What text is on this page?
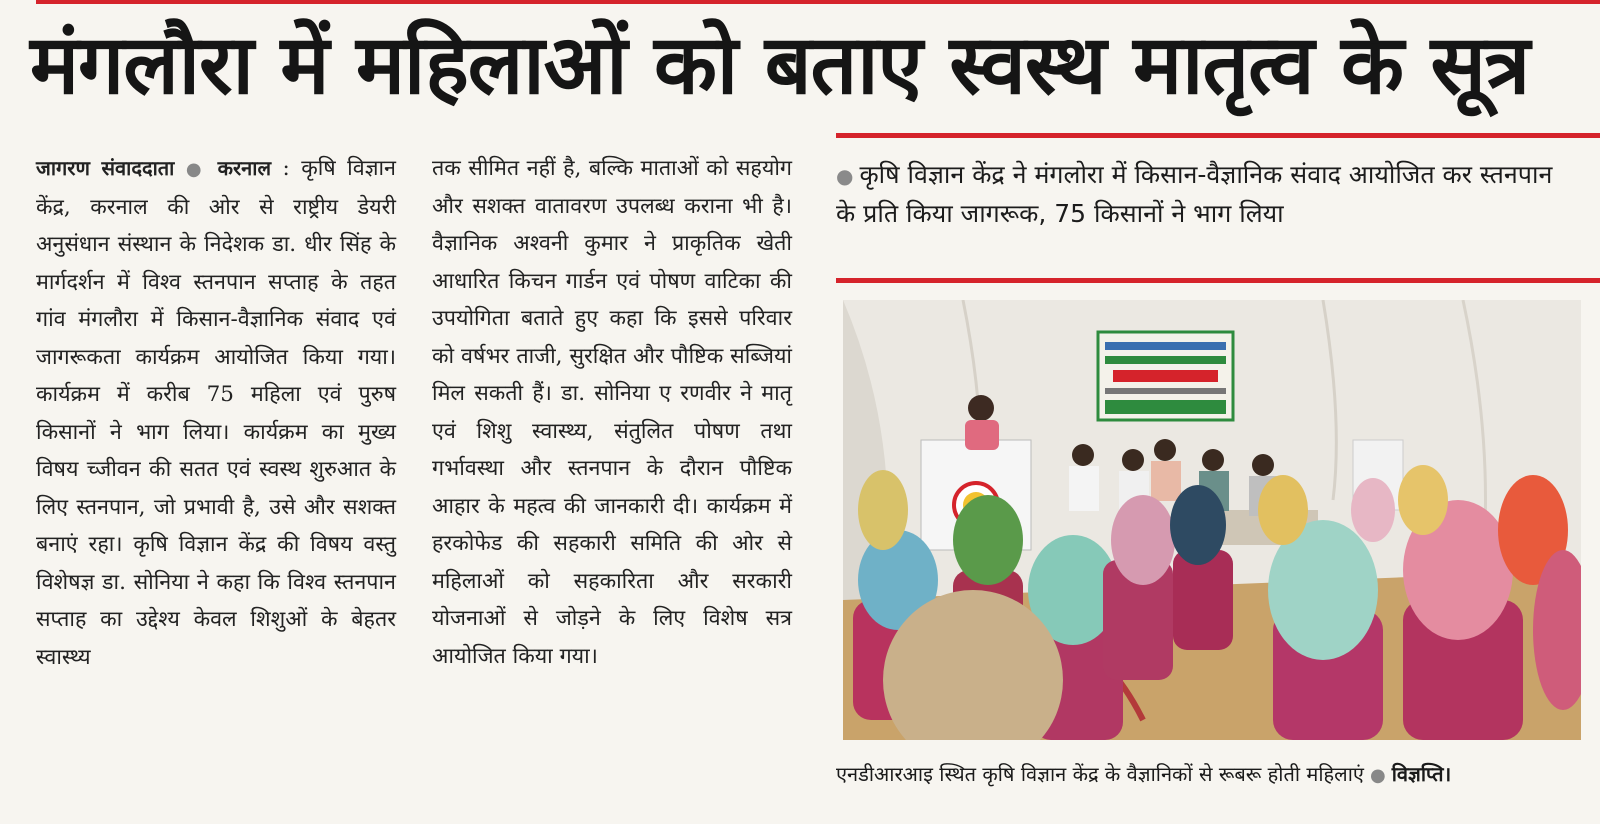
मंगलौरा में महिलाओं को बताए स्वस्थ मातृत्व के सूत्र
जागरण संवाददाता ● करनाल : कृषि विज्ञान केंद्र, करनाल की ओर से राष्ट्रीय डेयरी अनुसंधान संस्थान के निदेशक डा. धीर सिंह के मार्गदर्शन में विश्व स्तनपान सप्ताह के तहत गांव मंगलौरा में किसान-वैज्ञानिक संवाद एवं जागरूकता कार्यक्रम आयोजित किया गया। कार्यक्रम में करीब 75 महिला एवं पुरुष किसानों ने भाग लिया। कार्यक्रम का मुख्य विषय च्जीवन की सतत एवं स्वस्थ शुरुआत के लिए स्तनपान, जो प्रभावी है, उसे और सशक्त बनाएं रहा। कृषि विज्ञान केंद्र की विषय वस्तु विशेषज्ञ डा. सोनिया ने कहा कि विश्व स्तनपान सप्ताह का उद्देश्य केवल शिशुओं के बेहतर स्वास्थ्य
तक सीमित नहीं है, बल्कि माताओं को सहयोग और सशक्त वातावरण उपलब्ध कराना भी है। वैज्ञानिक अश्वनी कुमार ने प्राकृतिक खेती आधारित किचन गार्डन एवं पोषण वाटिका की उपयोगिता बताते हुए कहा कि इससे परिवार को वर्षभर ताजी, सुरक्षित और पौष्टिक सब्जियां मिल सकती हैं। डा. सोनिया ए रणवीर ने मातृ एवं शिशु स्वास्थ्य, संतुलित पोषण तथा गर्भावस्था और स्तनपान के दौरान पौष्टिक आहार के महत्व की जानकारी दी। कार्यक्रम में हरकोफेड की सहकारी समिति की ओर से महिलाओं को सहकारिता और सरकारी योजनाओं से जोड़ने के लिए विशेष सत्र आयोजित किया गया।
● कृषि विज्ञान केंद्र ने मंगलोरा में किसान-वैज्ञानिक संवाद आयोजित कर स्तनपान के प्रति किया जागरूक, 75 किसानों ने भाग लिया
एनडीआरआइ स्थित कृषि विज्ञान केंद्र के वैज्ञानिकों से रूबरू होती महिलाएं ● विज्ञप्ति।
